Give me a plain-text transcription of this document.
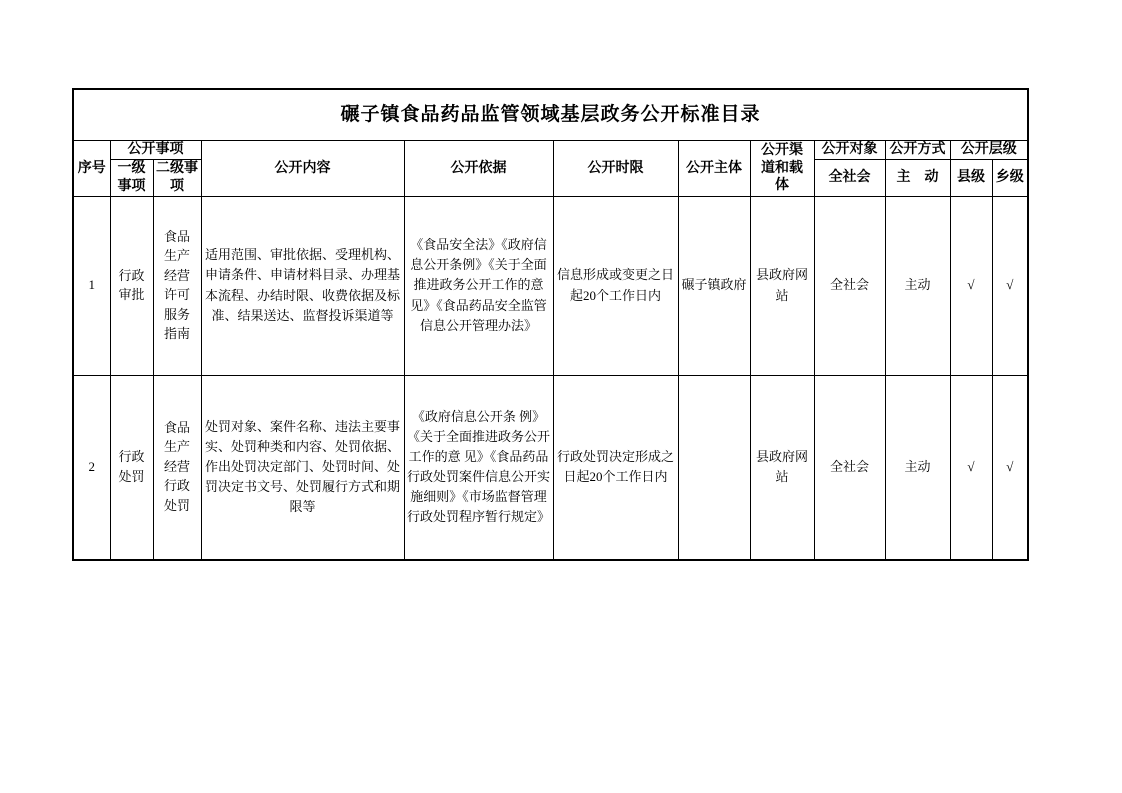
碾子镇食品药品监管领域基层政务公开标准目录											
序号	公开事项		公开内容	公开依据	公开时限	公开主体	公开渠道和载体	公开对象	公开方式	公开层级	
	一级事项	二级事项						全社会	主　动	县级	乡级
1	行政审批	食品生产经营许可服务指南	适用范围、审批依据、受理机构、申请条件、申请材料目录、办理基本流程、办结时限、收费依据及标准、结果送达、监督投诉渠道等	《食品安全法》《政府信息公开条例》《关于全面推进政务公开工作的意见》《食品药品安全监管信息公开管理办法》	信息形成或变更之日起20个工作日内	碾子镇政府	县政府网站	全社会	主动	√	√
2	行政处罚	食品生产经营行政处罚	处罚对象、案件名称、违法主要事实、处罚种类和内容、处罚依据、作出处罚决定部门、处罚时间、处罚决定书文号、处罚履行方式和期限等	《政府信息公开条 例》《关于全面推进政务公开工作的意 见》《食品药品行政处罚案件信息公开实施细则》《市场监督管理行政处罚程序暂行规定》	行政处罚决定形成之日起20个工作日内		县政府网站	全社会	主动	√	√
